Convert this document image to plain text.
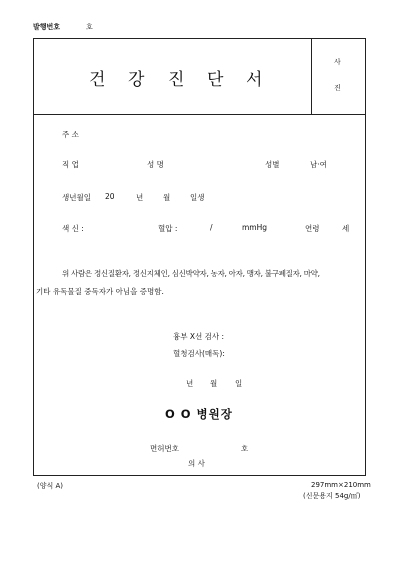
발행번호	호
건 강 진 단 서
사
진
주 소
직 업	성 명	성별	남·여
생년월일 20	년	월	일생
색 신 :	혈압 :	/	mmHg	연령	세
위 사람은 정신질환자, 정신지체인, 심신박약자, 농자, 아자, 맹자, 불구폐질자, 마약,
기타 유독물질 중독자가 아님을 증명함.
흉부 X선 검사 :
혈청검사(매독):
년 월 일
O O 병원장
면허번호	호
의 사
(양식 A)	297mm×210mm
(신문용지 54g/㎡)
